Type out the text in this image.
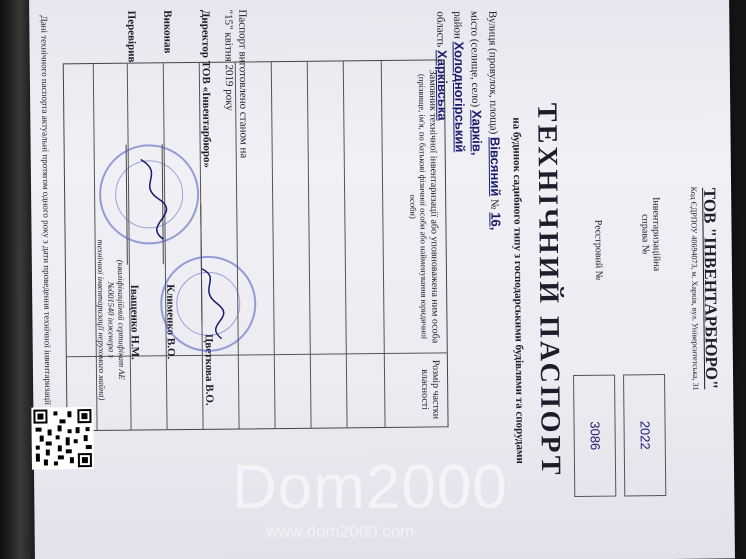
ТОВ "ІНВЕНТАРБЮРО"
Код ЄДРПОУ 40694073, м. Харків, вул. Університетська, 31
Інвентаризаційна
справа №
2022
Реєстровий №
3086
ТЕХНІЧНИЙ ПАСПОРТ
на будинок садибного типу з господарськими будівлями та спорудами
Вулиця (провулок, площа) Вівсяний № 16,
місто (селище, село) Харків,
район Холодногірський
область Харківська
Замовник технічної інвентаризації або уповноважена ним особа
(прізвище, ім'я, по батькові фізичної особи або найменування юридичної особи)
Розмір частки власності
Паспорт виготовлено станом на
"15" квітня 2019 року
Директор ТОВ «Інвентарбюро»
Цветкова В.О.
Виконав
Клименко В.О.
Перевірив
Іващенко Н.М.
(кваліфікаційний сертифікат АЕ
№001540 інженера з
технічної інвентаризації нерухомого майна)
Дані технічного паспорта актуальні протягом одного року з дати проведення технічної інвентаризації
Dom2000
www.dom2000.com
